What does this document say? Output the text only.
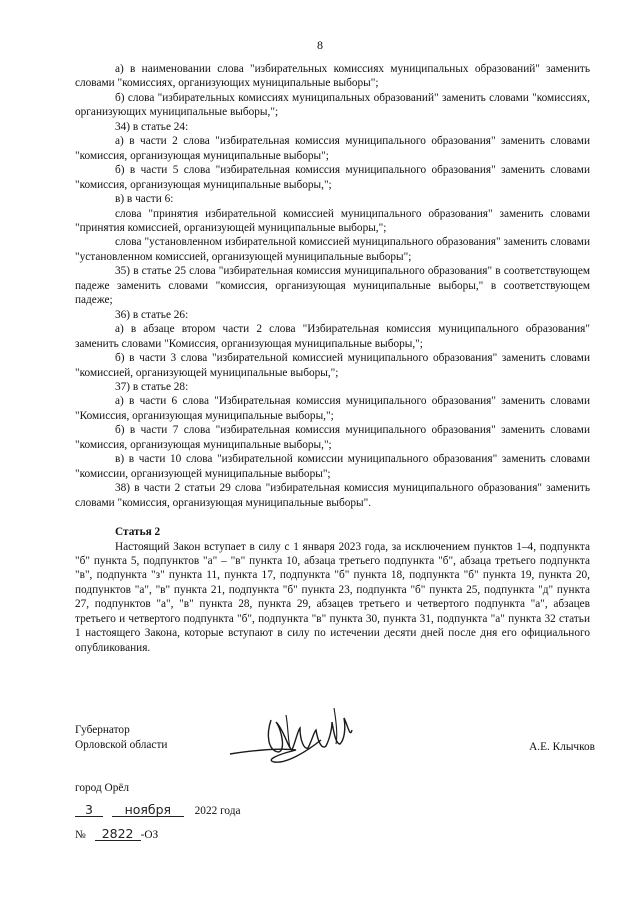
8

а) в наименовании слова "избирательных комиссиях муниципальных образований" заменить словами "комиссиях, организующих муниципальные выборы";

б) слова "избирательных комиссиях муниципальных образований" заменить словами "комиссиях, организующих муниципальные выборы,";

34) в статье 24:

а) в части 2 слова "избирательная комиссия муниципального образования" заменить словами "комиссия, организующая муниципальные выборы";

б) в части 5 слова "избирательная комиссия муниципального образования" заменить словами "комиссия, организующая муниципальные выборы,";

в) в части 6:

слова "принятия избирательной комиссией муниципального образования" заменить словами "принятия комиссией, организующей муниципальные выборы,";

слова "установленном избирательной комиссией муниципального образования" заменить словами "установленном комиссией, организующей муниципальные выборы";

35) в статье 25 слова "избирательная комиссия муниципального образования" в соответствующем падеже заменить словами "комиссия, организующая муниципальные выборы," в соответствующем падеже;

36) в статье 26:

а) в абзаце втором части 2 слова "Избирательная комиссия муниципального образования" заменить словами "Комиссия, организующая муниципальные выборы,";

б) в части 3 слова "избирательной комиссией муниципального образования" заменить словами "комиссией, организующей муниципальные выборы,";

37) в статье 28:

а) в части 6 слова "Избирательная комиссия муниципального образования" заменить словами "Комиссия, организующая муниципальные выборы,";

б) в части 7 слова "избирательная комиссия муниципального образования" заменить словами "комиссия, организующая муниципальные выборы,";

в) в части 10 слова "избирательной комиссии муниципального образования" заменить словами "комиссии, организующей муниципальные выборы";

38) в части 2 статьи 29 слова "избирательная комиссия муниципального образования" заменить словами "комиссия, организующая муниципальные выборы".

Статья 2

Настоящий Закон вступает в силу с 1 января 2023 года, за исключением пунктов 1–4, подпункта "б" пункта 5, подпунктов "а" – "в" пункта 10, абзаца третьего подпункта "б", абзаца третьего подпункта "в", подпункта "з" пункта 11, пункта 17, подпункта "б" пункта 18, подпункта "б" пункта 19, пункта 20, подпунктов "а", "в" пункта 21, подпункта "б" пункта 23, подпункта "б" пункта 25, подпункта "д" пункта 27, подпунктов "а", "в" пункта 28, пункта 29, абзацев третьего и четвертого подпункта "а", абзацев третьего и четвертого подпункта "б", подпункта "в" пункта 30, пункта 31, подпункта "а" пункта 32 статьи 1 настоящего Закона, которые вступают в силу по истечении десяти дней после дня его официального опубликования.

Губернатор
Орловской области	А.Е. Клычков
город Орёл
3	ноября 2022 года
№ 2822 -ОЗ
